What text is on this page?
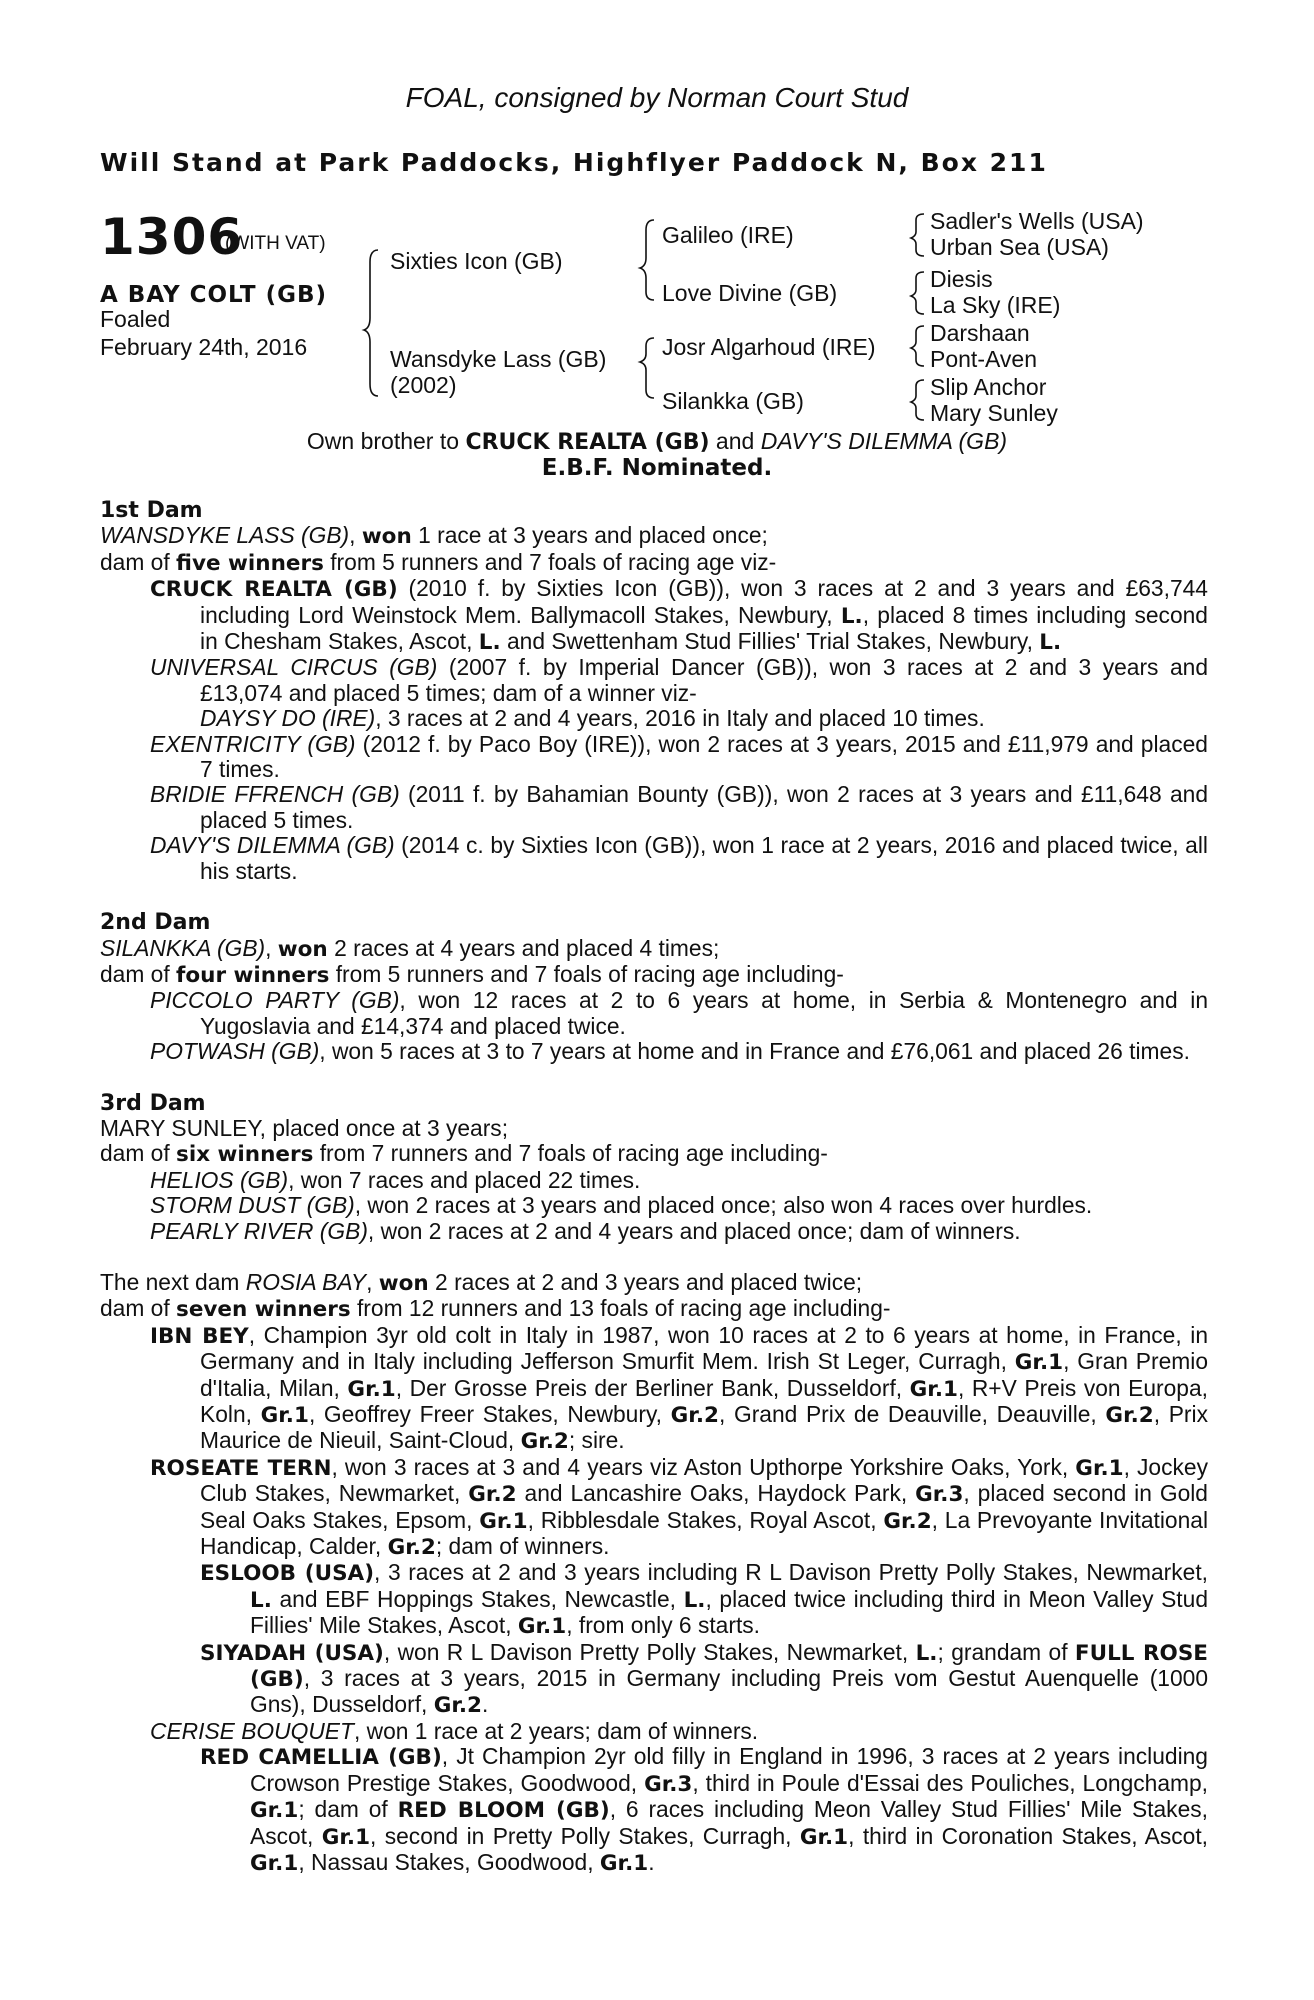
FOAL, consigned by Norman Court Stud
Will Stand at Park Paddocks, Highflyer Paddock N, Box 211
1306
(WITH VAT)
A BAY COLT (GB)
Foaled
February 24th, 2016
Sixties Icon (GB)
Wansdyke Lass (GB)
(2002)
Galileo (IRE)
Love Divine (GB)
Josr Algarhoud (IRE)
Silankka (GB)
Sadler's Wells (USA)
Urban Sea (USA)
Diesis
La Sky (IRE)
Darshaan
Pont-Aven
Slip Anchor
Mary Sunley
Own brother to CRUCK REALTA (GB) and DAVY'S DILEMMA (GB)
E.B.F. Nominated.

1st Dam

WANSDYKE LASS (GB), won 1 race at 3 years and placed once;

dam of five winners from 5 runners and 7 foals of racing age viz-

CRUCK REALTA (GB) (2010 f. by Sixties Icon (GB)), won 3 races at 2 and 3 years and £63,744 including Lord Weinstock Mem. Ballymacoll Stakes, Newbury, L., placed 8 times including second in Chesham Stakes, Ascot, L. and Swettenham Stud Fillies' Trial Stakes, Newbury, L.

UNIVERSAL CIRCUS (GB) (2007 f. by Imperial Dancer (GB)), won 3 races at 2 and 3 years and £13,074 and placed 5 times; dam of a winner viz-

DAYSY DO (IRE), 3 races at 2 and 4 years, 2016 in Italy and placed 10 times.

EXENTRICITY (GB) (2012 f. by Paco Boy (IRE)), won 2 races at 3 years, 2015 and £11,979 and placed 7 times.

BRIDIE FFRENCH (GB) (2011 f. by Bahamian Bounty (GB)), won 2 races at 3 years and £11,648 and placed 5 times.

DAVY'S DILEMMA (GB) (2014 c. by Sixties Icon (GB)), won 1 race at 2 years, 2016 and placed twice, all his starts.

2nd Dam

SILANKKA (GB), won 2 races at 4 years and placed 4 times;

dam of four winners from 5 runners and 7 foals of racing age including-

PICCOLO PARTY (GB), won 12 races at 2 to 6 years at home, in Serbia & Montenegro and in Yugoslavia and £14,374 and placed twice.

POTWASH (GB), won 5 races at 3 to 7 years at home and in France and £76,061 and placed 26 times.

3rd Dam

MARY SUNLEY, placed once at 3 years;

dam of six winners from 7 runners and 7 foals of racing age including-

HELIOS (GB), won 7 races and placed 22 times.

STORM DUST (GB), won 2 races at 3 years and placed once; also won 4 races over hurdles.

PEARLY RIVER (GB), won 2 races at 2 and 4 years and placed once; dam of winners.

The next dam ROSIA BAY, won 2 races at 2 and 3 years and placed twice;

dam of seven winners from 12 runners and 13 foals of racing age including-

IBN BEY, Champion 3yr old colt in Italy in 1987, won 10 races at 2 to 6 years at home, in France, in Germany and in Italy including Jefferson Smurfit Mem. Irish St Leger, Curragh, Gr.1, Gran Premio d'Italia, Milan, Gr.1, Der Grosse Preis der Berliner Bank, Dusseldorf, Gr.1, R+V Preis von Europa, Koln, Gr.1, Geoffrey Freer Stakes, Newbury, Gr.2, Grand Prix de Deauville, Deauville, Gr.2, Prix Maurice de Nieuil, Saint-Cloud, Gr.2; sire.

ROSEATE TERN, won 3 races at 3 and 4 years viz Aston Upthorpe Yorkshire Oaks, York, Gr.1, Jockey Club Stakes, Newmarket, Gr.2 and Lancashire Oaks, Haydock Park, Gr.3, placed second in Gold Seal Oaks Stakes, Epsom, Gr.1, Ribblesdale Stakes, Royal Ascot, Gr.2, La Prevoyante Invitational Handicap, Calder, Gr.2; dam of winners.

ESLOOB (USA), 3 races at 2 and 3 years including R L Davison Pretty Polly Stakes, Newmarket, L. and EBF Hoppings Stakes, Newcastle, L., placed twice including third in Meon Valley Stud Fillies' Mile Stakes, Ascot, Gr.1, from only 6 starts.

SIYADAH (USA), won R L Davison Pretty Polly Stakes, Newmarket, L.; grandam of FULL ROSE (GB), 3 races at 3 years, 2015 in Germany including Preis vom Gestut Auenquelle (1000 Gns), Dusseldorf, Gr.2.

CERISE BOUQUET, won 1 race at 2 years; dam of winners.

RED CAMELLIA (GB), Jt Champion 2yr old filly in England in 1996, 3 races at 2 years including Crowson Prestige Stakes, Goodwood, Gr.3, third in Poule d'Essai des Pouliches, Longchamp, Gr.1; dam of RED BLOOM (GB), 6 races including Meon Valley Stud Fillies' Mile Stakes, Ascot, Gr.1, second in Pretty Polly Stakes, Curragh, Gr.1, third in Coronation Stakes, Ascot, Gr.1, Nassau Stakes, Goodwood, Gr.1.
